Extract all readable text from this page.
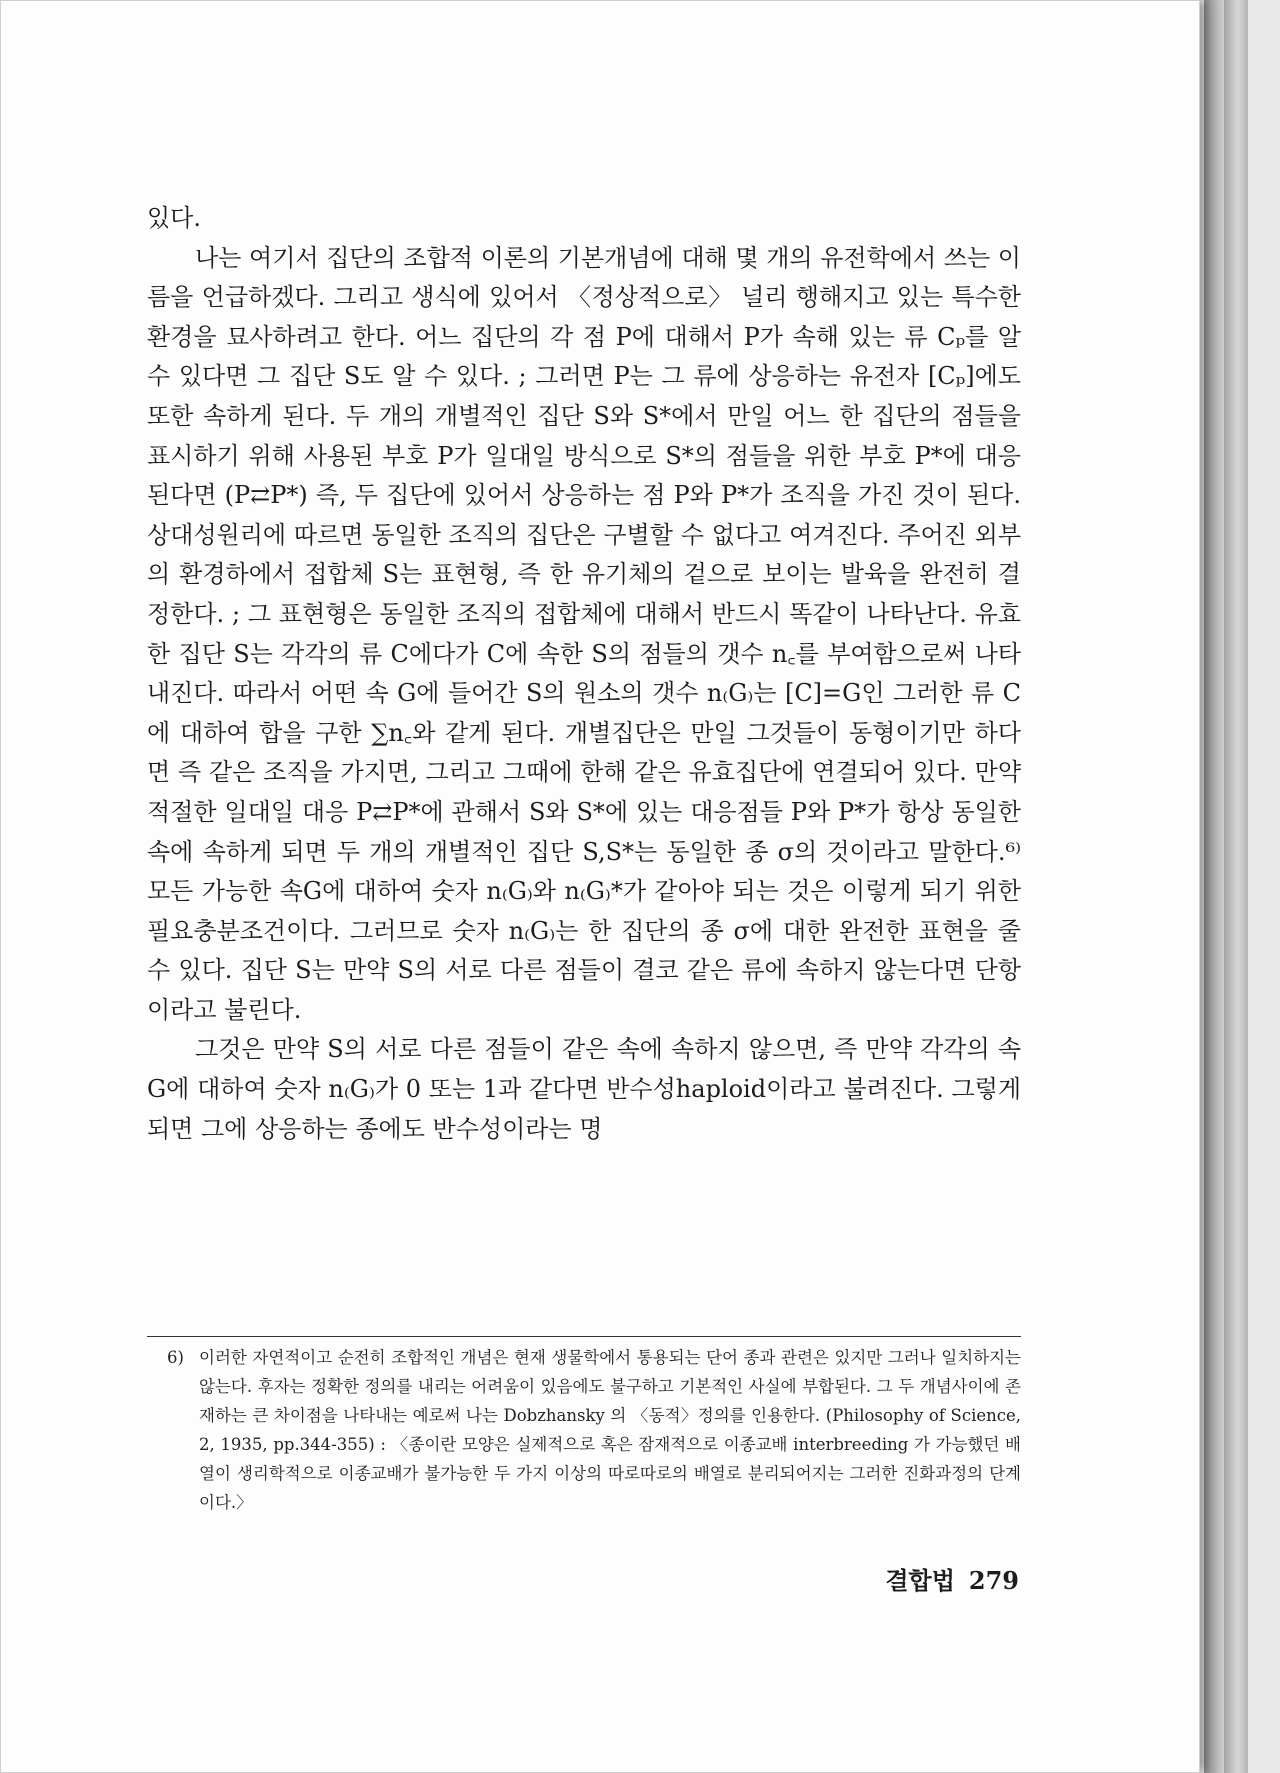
있다.

나는 여기서 집단의 조합적 이론의 기본개념에 대해 몇 개의 유전학에서 쓰는 이름을 언급하겠다. 그리고 생식에 있어서 〈정상적으로〉 널리 행해지고 있는 특수한 환경을 묘사하려고 한다. 어느 집단의 각 점 P에 대해서 P가 속해 있는 류 Cₚ를 알 수 있다면 그 집단 S도 알 수 있다. ; 그러면 P는 그 류에 상응하는 유전자 [Cₚ]에도 또한 속하게 된다. 두 개의 개별적인 집단 S와 S*에서 만일 어느 한 집단의 점들을 표시하기 위해 사용된 부호 P가 일대일 방식으로 S*의 점들을 위한 부호 P*에 대응된다면 (P⇄P*) 즉, 두 집단에 있어서 상응하는 점 P와 P*가 조직을 가진 것이 된다. 상대성원리에 따르면 동일한 조직의 집단은 구별할 수 없다고 여겨진다. 주어진 외부의 환경하에서 접합체 S는 표현형, 즉 한 유기체의 겉으로 보이는 발육을 완전히 결정한다. ; 그 표현형은 동일한 조직의 접합체에 대해서 반드시 똑같이 나타난다. 유효한 집단 S는 각각의 류 C에다가 C에 속한 S의 점들의 갯수 n꜀를 부여함으로써 나타내진다. 따라서 어떤 속 G에 들어간 S의 원소의 갯수 n₍G₎는 [C]=G인 그러한 류 C에 대하여 합을 구한 ∑n꜀와 같게 된다. 개별집단은 만일 그것들이 동형이기만 하다면 즉 같은 조직을 가지면, 그리고 그때에 한해 같은 유효집단에 연결되어 있다. 만약 적절한 일대일 대응 P⇄P*에 관해서 S와 S*에 있는 대응점들 P와 P*가 항상 동일한 속에 속하게 되면 두 개의 개별적인 집단 S,S*는 동일한 종 σ의 것이라고 말한다.⁶⁾ 모든 가능한 속G에 대하여 숫자 n₍G₎와 n₍G₎*가 같아야 되는 것은 이렇게 되기 위한 필요충분조건이다. 그러므로 숫자 n₍G₎는 한 집단의 종 σ에 대한 완전한 표현을 줄 수 있다. 집단 S는 만약 S의 서로 다른 점들이 결코 같은 류에 속하지 않는다면 단항이라고 불린다.

그것은 만약 S의 서로 다른 점들이 같은 속에 속하지 않으면, 즉 만약 각각의 속 G에 대하여 숫자 n₍G₎가 0 또는 1과 같다면 반수성haploid이라고 불려진다. 그렇게 되면 그에 상응하는 종에도 반수성이라는 명

6) 이러한 자연적이고 순전히 조합적인 개념은 현재 생물학에서 통용되는 단어 종과 관련은 있지만 그러나 일치하지는 않는다. 후자는 정확한 정의를 내리는 어려움이 있음에도 불구하고 기본적인 사실에 부합된다. 그 두 개념사이에 존재하는 큰 차이점을 나타내는 예로써 나는 Dobzhansky 의 〈동적〉정의를 인용한다. (Philosophy of Science, 2, 1935, pp.344-355) : 〈종이란 모양은 실제적으로 혹은 잠재적으로 이종교배 interbreeding 가 가능했던 배열이 생리학적으로 이종교배가 불가능한 두 가지 이상의 따로따로의 배열로 분리되어지는 그러한 진화과정의 단계이다.〉

결합법 279
